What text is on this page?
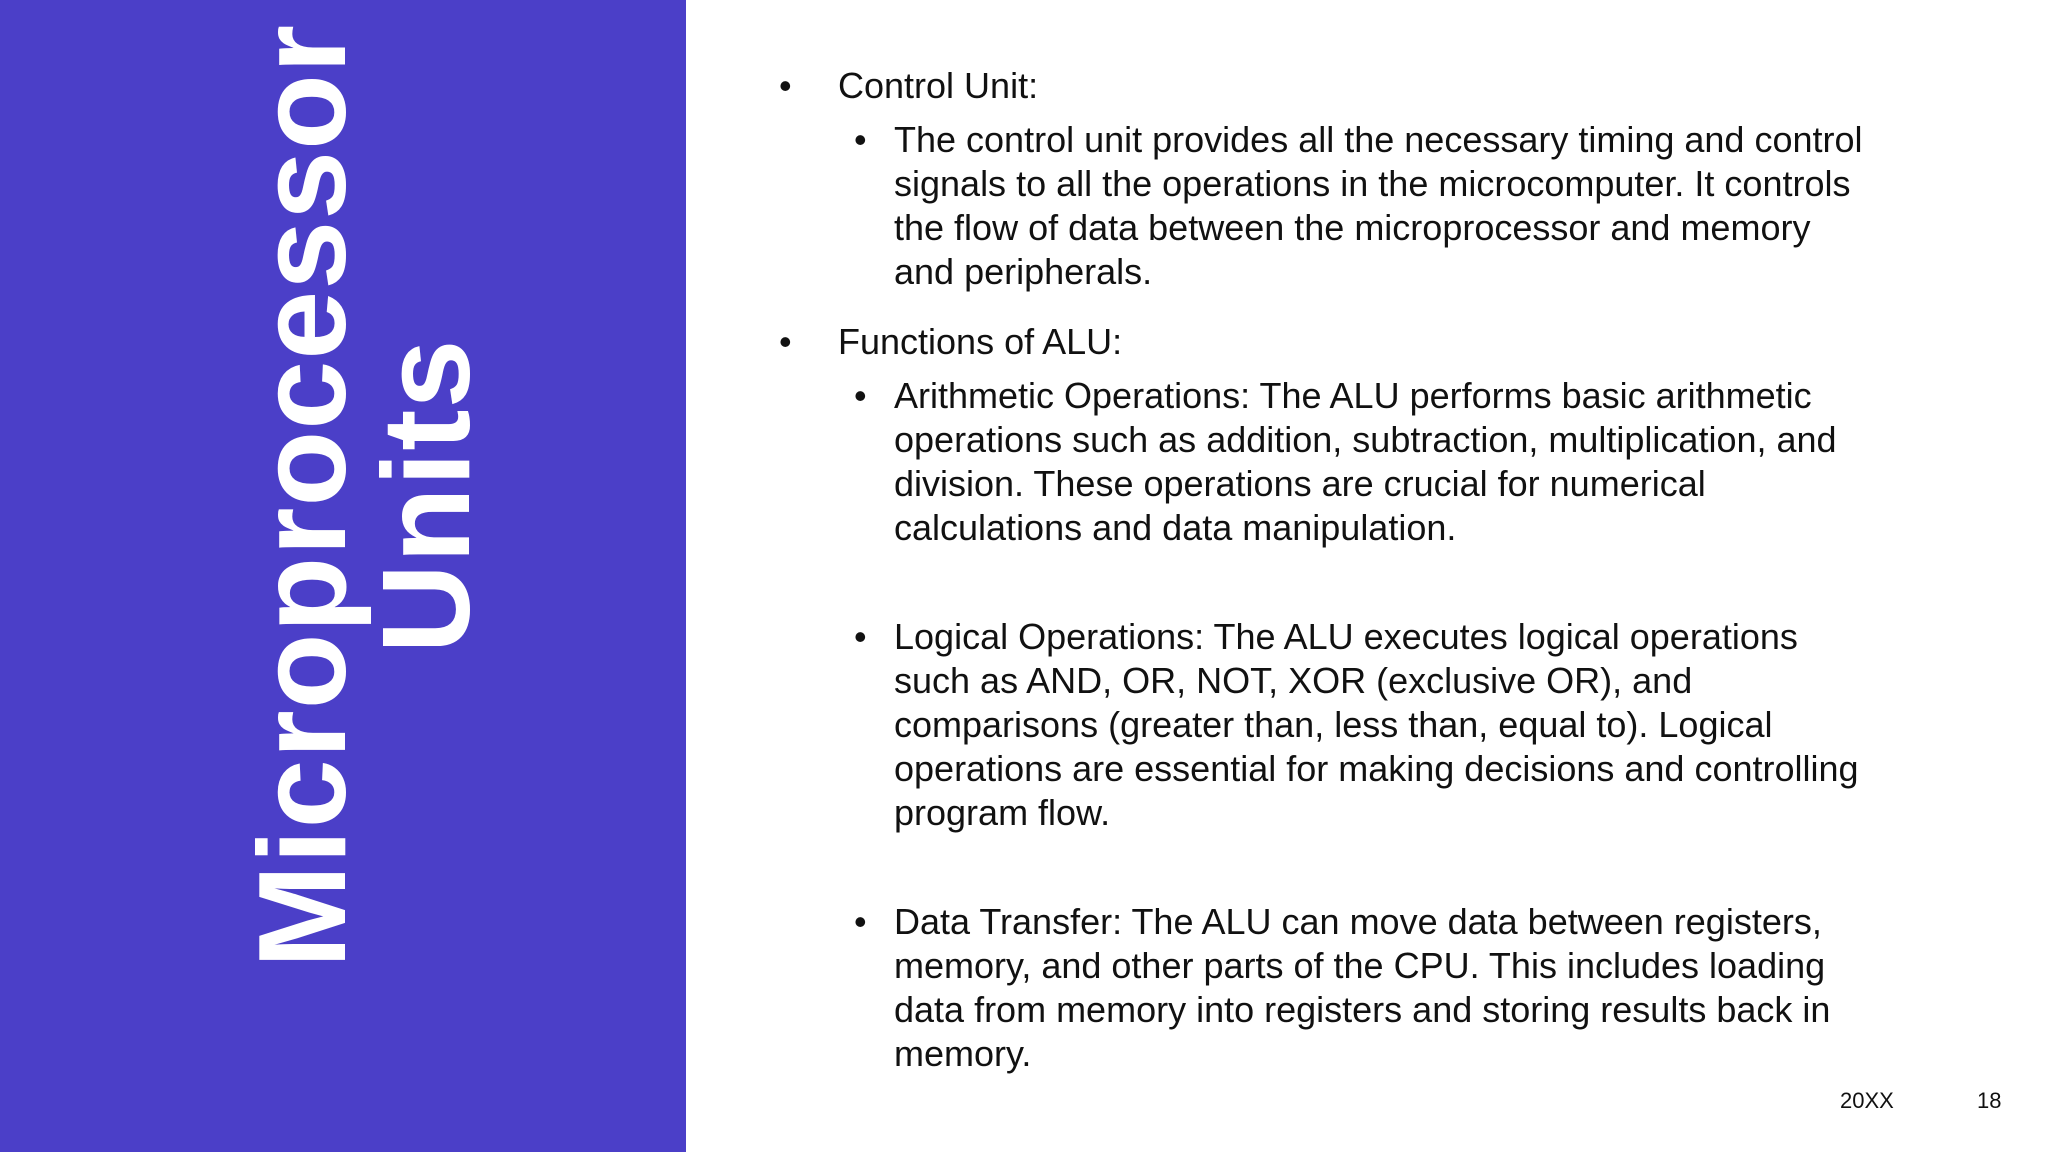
Microprocessor
Units
• Control Unit:
• The control unit provides all the necessary timing and control signals to all the operations in the microcomputer. It controls the flow of data between the microprocessor and memory and peripherals.
• Functions of ALU:
• Arithmetic Operations: The ALU performs basic arithmetic operations such as addition, subtraction, multiplication, and division. These operations are crucial for numerical calculations and data manipulation.
• Logical Operations: The ALU executes logical operations such as AND, OR, NOT, XOR (exclusive OR), and comparisons (greater than, less than, equal to). Logical operations are essential for making decisions and controlling program flow.
• Data Transfer: The ALU can move data between registers, memory, and other parts of the CPU. This includes loading data from memory into registers and storing results back in memory.
20XX	18
